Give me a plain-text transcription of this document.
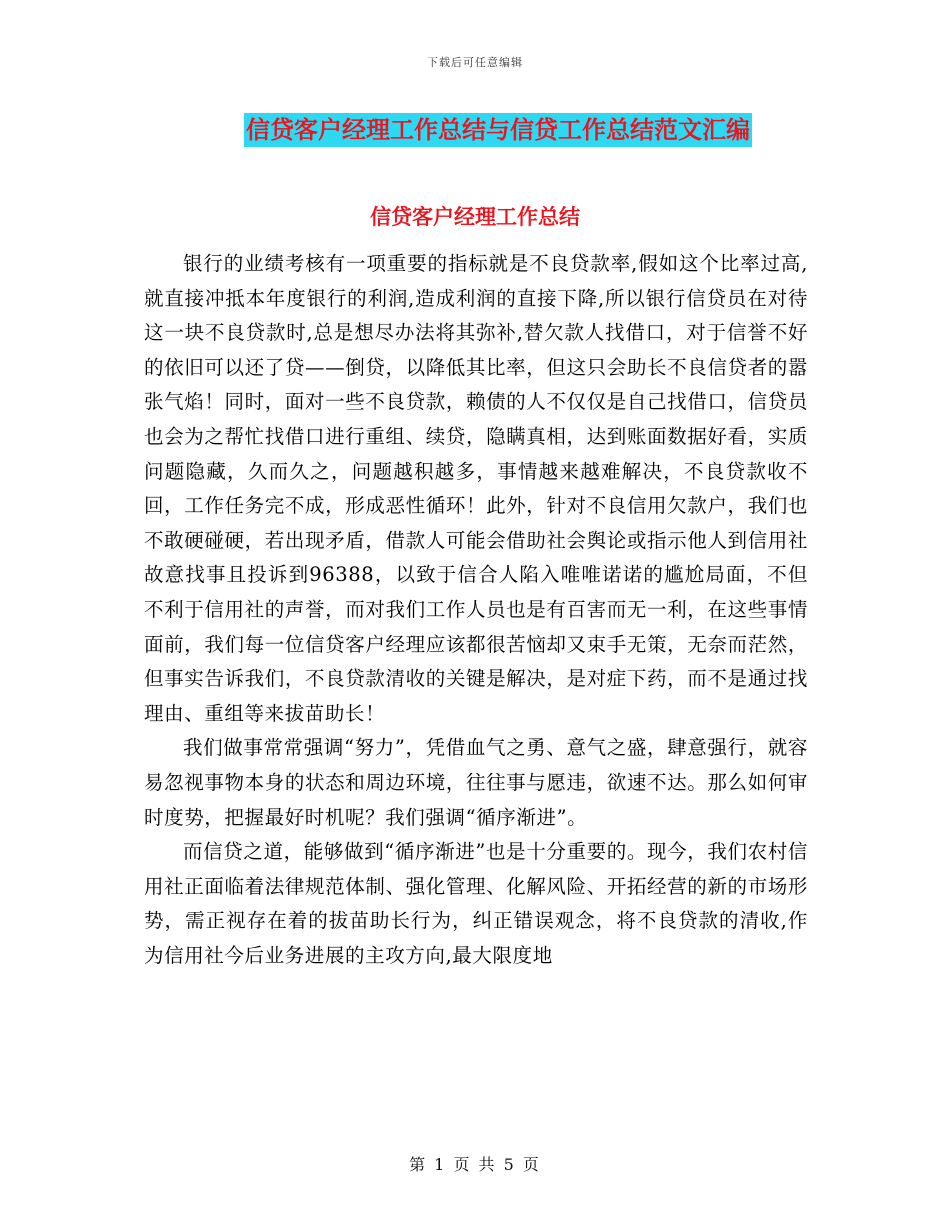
下载后可任意编辑
信贷客户经理工作总结与信贷工作总结范文汇编
信贷客户经理工作总结

银行的业绩考核有一项重要的指标就是不良贷款率,假如这个比率过高,就直接冲抵本年度银行的利润,造成利润的直接下降,所以银行信贷员在对待这一块不良贷款时,总是想尽办法将其弥补,替欠款人找借口，对于信誉不好的依旧可以还了贷——倒贷，以降低其比率，但这只会助长不良信贷者的嚣张气焰！同时，面对一些不良贷款，赖债的人不仅仅是自己找借口，信贷员也会为之帮忙找借口进行重组、续贷，隐瞒真相，达到账面数据好看，实质问题隐藏，久而久之，问题越积越多，事情越来越难解决，不良贷款收不回，工作任务完不成，形成恶性循环！此外，针对不良信用欠款户，我们也不敢硬碰硬，若出现矛盾，借款人可能会借助社会舆论或指示他人到信用社故意找事且投诉到96388，以致于信合人陷入唯唯诺诺的尴尬局面，不但不利于信用社的声誉，而对我们工作人员也是有百害而无一利，在这些事情面前，我们每一位信贷客户经理应该都很苦恼却又束手无策，无奈而茫然，但事实告诉我们，不良贷款清收的关键是解决，是对症下药，而不是通过找理由、重组等来拔苗助长！

我们做事常常强调“努力”，凭借血气之勇、意气之盛，肆意强行，就容易忽视事物本身的状态和周边环境，往往事与愿违，欲速不达。那么如何审时度势，把握最好时机呢？我们强调“循序渐进”。

而信贷之道，能够做到“循序渐进”也是十分重要的。现今，我们农村信用社正面临着法律规范体制、强化管理、化解风险、开拓经营的新的市场形势，需正视存在着的拔苗助长行为，纠正错误观念，将不良贷款的清收,作为信用社今后业务进展的主攻方向,最大限度地

第 1 页 共 5 页
